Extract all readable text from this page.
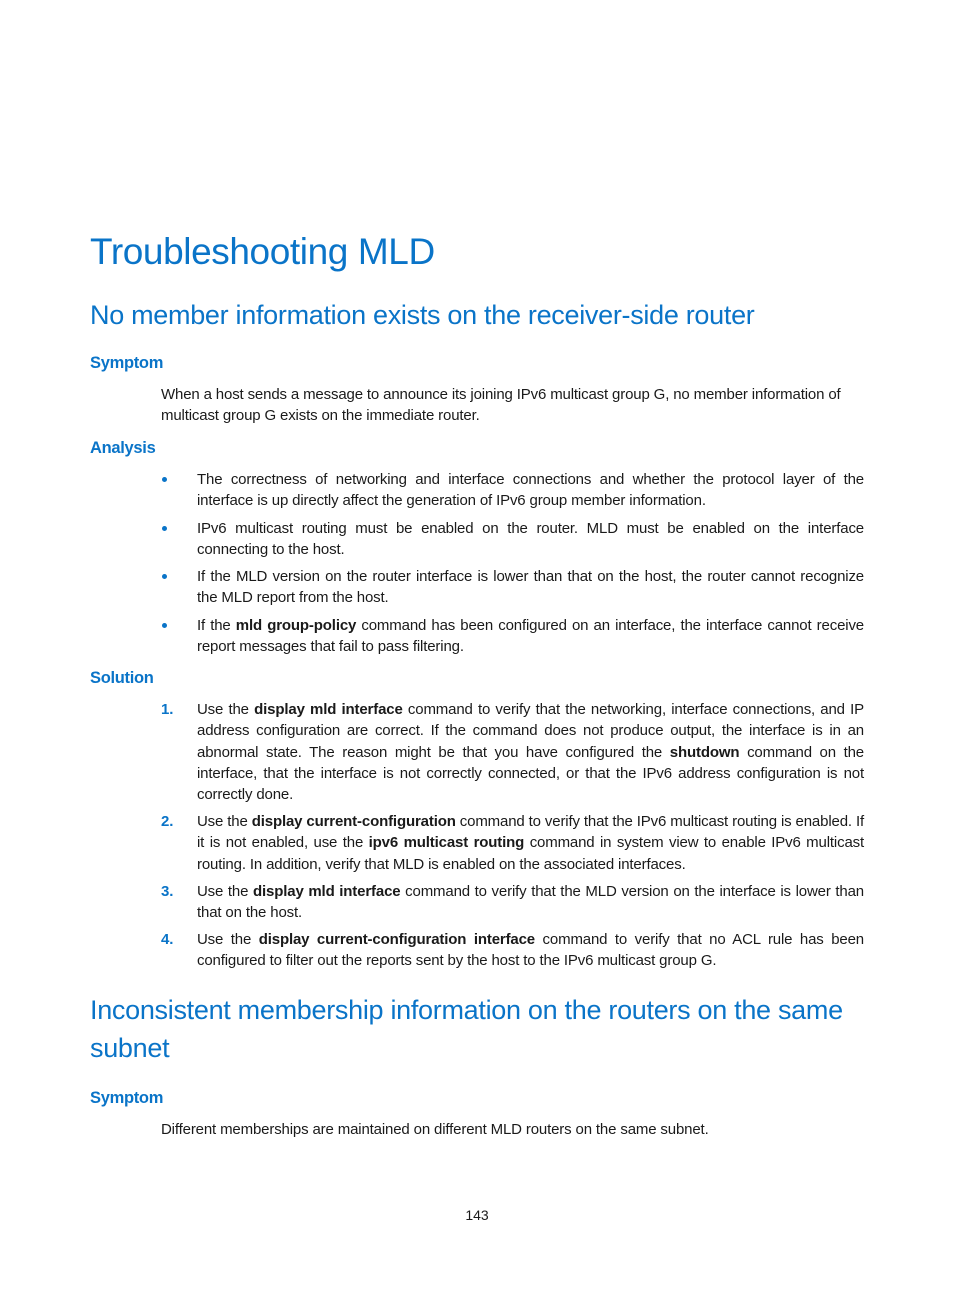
Troubleshooting MLD
No member information exists on the receiver-side router
Symptom

When a host sends a message to announce its joining IPv6 multicast group G, no member information of multicast group G exists on the immediate router.

Analysis
The correctness of networking and interface connections and whether the protocol layer of the interface is up directly affect the generation of IPv6 group member information.
IPv6 multicast routing must be enabled on the router. MLD must be enabled on the interface connecting to the host.
If the MLD version on the router interface is lower than that on the host, the router cannot recognize the MLD report from the host.
If the mld group-policy command has been configured on an interface, the interface cannot receive report messages that fail to pass filtering.
Solution
1. Use the display mld interface command to verify that the networking, interface connections, and IP address configuration are correct. If the command does not produce output, the interface is in an abnormal state. The reason might be that you have configured the shutdown command on the interface, that the interface is not correctly connected, or that the IPv6 address configuration is not correctly done.
2. Use the display current-configuration command to verify that the IPv6 multicast routing is enabled. If it is not enabled, use the ipv6 multicast routing command in system view to enable IPv6 multicast routing. In addition, verify that MLD is enabled on the associated interfaces.
3. Use the display mld interface command to verify that the MLD version on the interface is lower than that on the host.
4. Use the display current-configuration interface command to verify that no ACL rule has been configured to filter out the reports sent by the host to the IPv6 multicast group G.
Inconsistent membership information on the routers on the same subnet
Symptom

Different memberships are maintained on different MLD routers on the same subnet.

143
